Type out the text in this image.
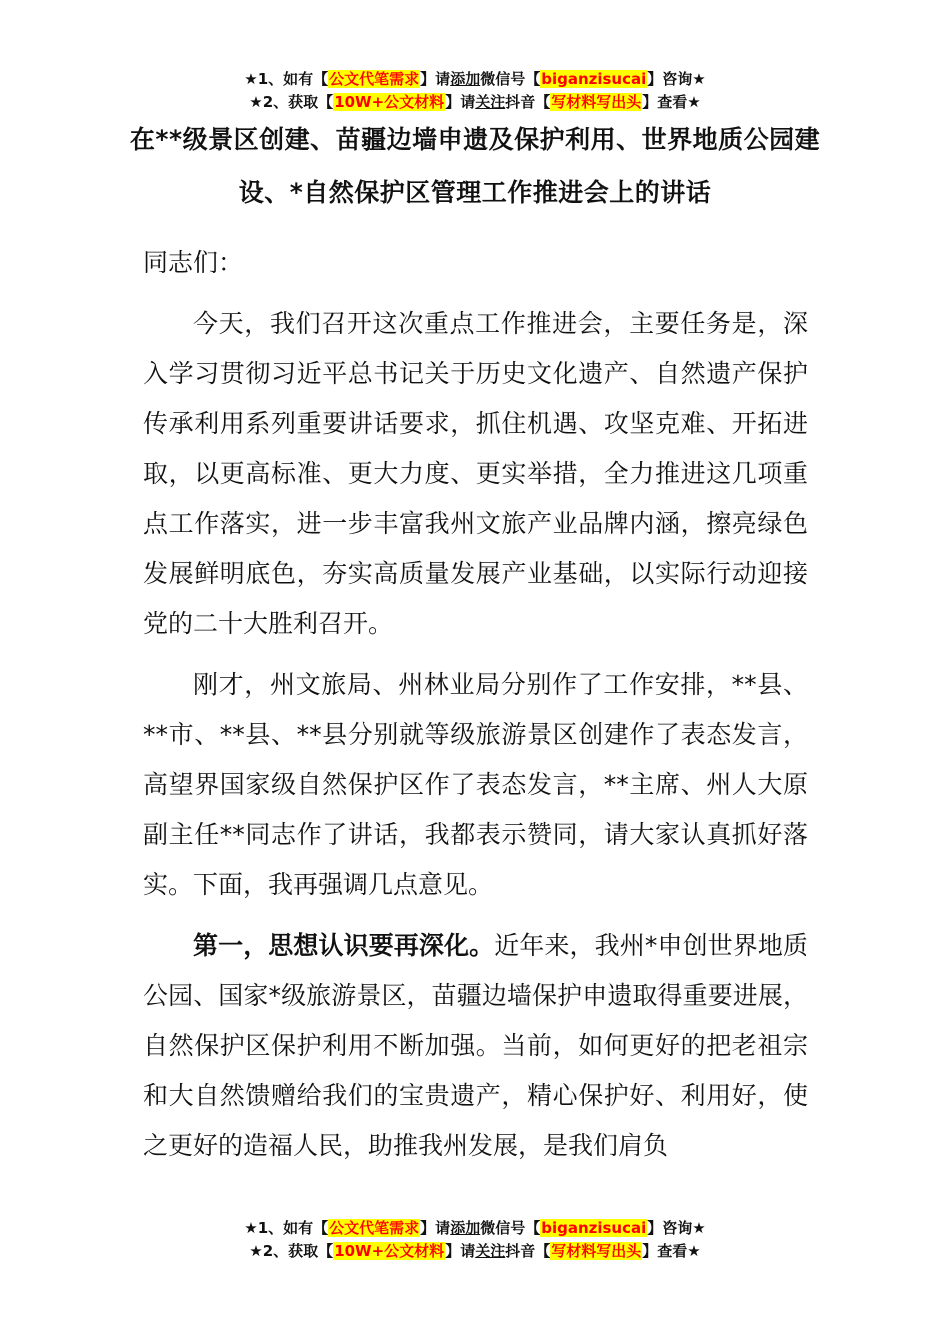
★1、如有【公文代笔需求】请添加微信号【biganzisucai】咨询★
★2、获取【10W+公文材料】请关注抖音【写材料写出头】查看★
在**级景区创建、苗疆边墙申遗及保护利用、世界地质公园建设、*自然保护区管理工作推进会上的讲话

同志们：

今天，我们召开这次重点工作推进会，主要任务是，深入学习贯彻习近平总书记关于历史文化遗产、自然遗产保护传承利用系列重要讲话要求，抓住机遇、攻坚克难、开拓进取，以更高标准、更大力度、更实举措，全力推进这几项重点工作落实，进一步丰富我州文旅产业品牌内涵，擦亮绿色发展鲜明底色，夯实高质量发展产业基础，以实际行动迎接党的二十大胜利召开。

刚才，州文旅局、州林业局分别作了工作安排，**县、**市、**县、**县分别就等级旅游景区创建作了表态发言，高望界国家级自然保护区作了表态发言，**主席、州人大原副主任**同志作了讲话，我都表示赞同，请大家认真抓好落实。下面，我再强调几点意见。

第一，思想认识要再深化。近年来，我州*申创世界地质公园、国家*级旅游景区，苗疆边墙保护申遗取得重要进展，自然保护区保护利用不断加强。当前，如何更好的把老祖宗和大自然馈赠给我们的宝贵遗产，精心保护好、利用好，使之更好的造福人民，助推我州发展，是我们肩负

★1、如有【公文代笔需求】请添加微信号【biganzisucai】咨询★
★2、获取【10W+公文材料】请关注抖音【写材料写出头】查看★
